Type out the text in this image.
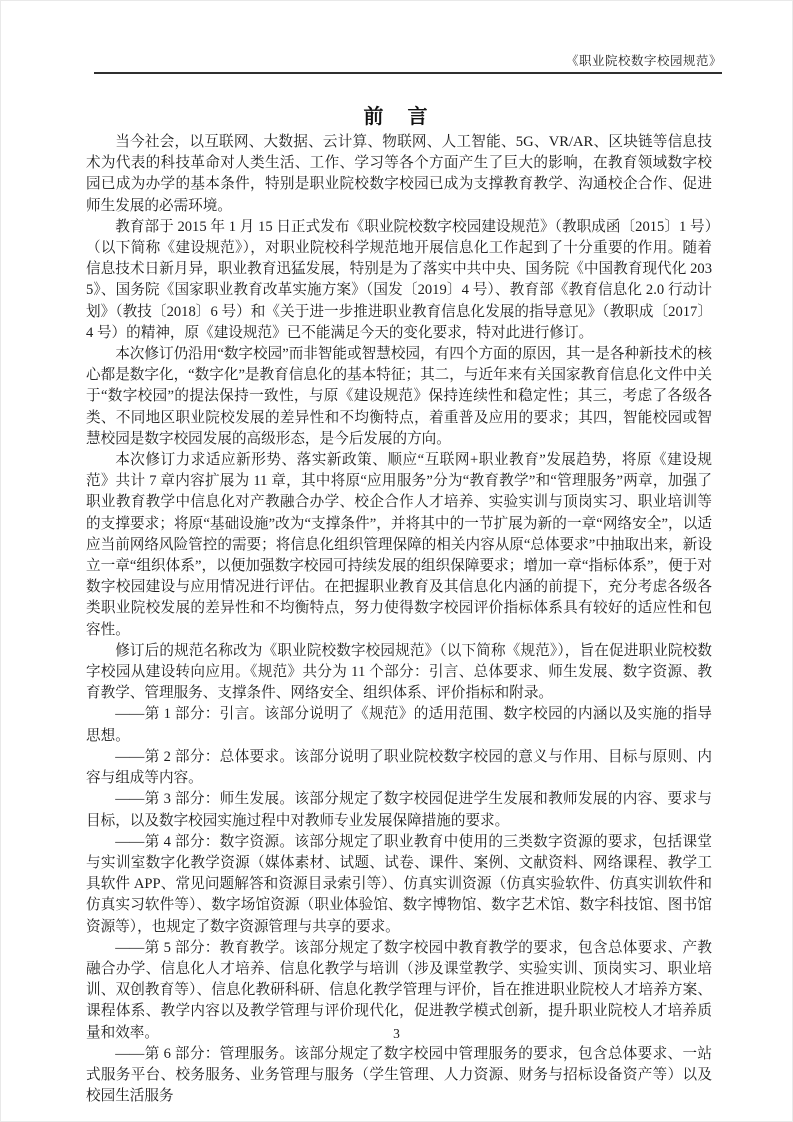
《职业院校数字校园规范》
前　言

当今社会，以互联网、大数据、云计算、物联网、人工智能、5G、VR/AR、区块链等信息技术为代表的科技革命对人类生活、工作、学习等各个方面产生了巨大的影响，在教育领域数字校园已成为办学的基本条件，特别是职业院校数字校园已成为支撑教育教学、沟通校企合作、促进师生发展的必需环境。

教育部于 2015 年 1 月 15 日正式发布《职业院校数字校园建设规范》（教职成函〔2015〕1 号）（以下简称《建设规范》），对职业院校科学规范地开展信息化工作起到了十分重要的作用。随着信息技术日新月异，职业教育迅猛发展，特别是为了落实中共中央、国务院《中国教育现代化 2035》、国务院《国家职业教育改革实施方案》（国发〔2019〕4 号）、教育部《教育信息化 2.0 行动计划》（教技〔2018〕6 号）和《关于进一步推进职业教育信息化发展的指导意见》（教职成〔2017〕4 号）的精神，原《建设规范》已不能满足今天的变化要求，特对此进行修订。

本次修订仍沿用“数字校园”而非智能或智慧校园，有四个方面的原因，其一是各种新技术的核心都是数字化，“数字化”是教育信息化的基本特征；其二，与近年来有关国家教育信息化文件中关于“数字校园”的提法保持一致性，与原《建设规范》保持连续性和稳定性；其三，考虑了各级各类、不同地区职业院校发展的差异性和不均衡特点，着重普及应用的要求；其四，智能校园或智慧校园是数字校园发展的高级形态，是今后发展的方向。

本次修订力求适应新形势、落实新政策、顺应“互联网+职业教育”发展趋势，将原《建设规范》共计 7 章内容扩展为 11 章，其中将原“应用服务”分为“教育教学”和“管理服务”两章，加强了职业教育教学中信息化对产教融合办学、校企合作人才培养、实验实训与顶岗实习、职业培训等的支撑要求；将原“基础设施”改为“支撑条件”，并将其中的一节扩展为新的一章“网络安全”，以适应当前网络风险管控的需要；将信息化组织管理保障的相关内容从原“总体要求”中抽取出来，新设立一章“组织体系”，以便加强数字校园可持续发展的组织保障要求；增加一章“指标体系”，便于对数字校园建设与应用情况进行评估。在把握职业教育及其信息化内涵的前提下，充分考虑各级各类职业院校发展的差异性和不均衡特点，努力使得数字校园评价指标体系具有较好的适应性和包容性。

修订后的规范名称改为《职业院校数字校园规范》（以下简称《规范》），旨在促进职业院校数字校园从建设转向应用。《规范》共分为 11 个部分：引言、总体要求、师生发展、数字资源、教育教学、管理服务、支撑条件、网络安全、组织体系、评价指标和附录。

——第 1 部分：引言。该部分说明了《规范》的适用范围、数字校园的内涵以及实施的指导思想。

——第 2 部分：总体要求。该部分说明了职业院校数字校园的意义与作用、目标与原则、内容与组成等内容。

——第 3 部分：师生发展。该部分规定了数字校园促进学生发展和教师发展的内容、要求与目标，以及数字校园实施过程中对教师专业发展保障措施的要求。

——第 4 部分：数字资源。该部分规定了职业教育中使用的三类数字资源的要求，包括课堂与实训室数字化教学资源（媒体素材、试题、试卷、课件、案例、文献资料、网络课程、教学工具软件 APP、常见问题解答和资源目录索引等）、仿真实训资源（仿真实验软件、仿真实训软件和仿真实习软件等）、数字场馆资源（职业体验馆、数字博物馆、数字艺术馆、数字科技馆、图书馆资源等），也规定了数字资源管理与共享的要求。

——第 5 部分：教育教学。该部分规定了数字校园中教育教学的要求，包含总体要求、产教融合办学、信息化人才培养、信息化教学与培训（涉及课堂教学、实验实训、顶岗实习、职业培训、双创教育等）、信息化教研科研、信息化教学管理与评价，旨在推进职业院校人才培养方案、课程体系、教学内容以及教学管理与评价现代化，促进教学模式创新，提升职业院校人才培养质量和效率。

——第 6 部分：管理服务。该部分规定了数字校园中管理服务的要求，包含总体要求、一站式服务平台、校务服务、业务管理与服务（学生管理、人力资源、财务与招标设备资产等）以及校园生活服务

3
